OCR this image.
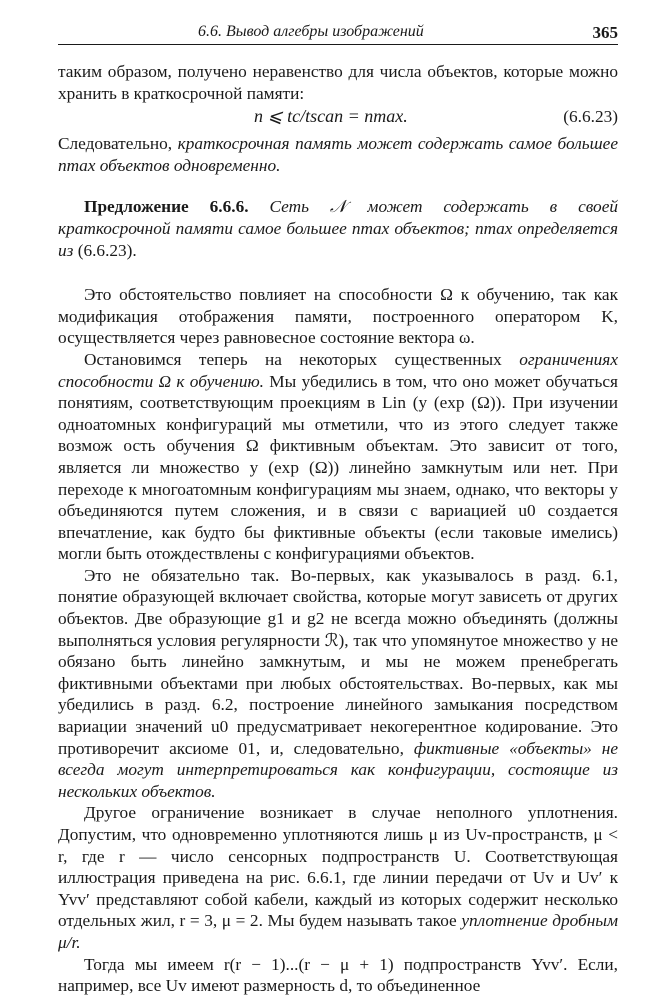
6.6. Вывод алгебры изображений	365

таким образом, получено неравенство для числа объектов, которые можно хранить в краткосрочной памяти:

n ⩽ tc/tscan = nmax.	(6.6.23)

Следовательно, краткосрочная память может содержать самое большее nmax объектов одновременно.

Предложение 6.6.6. Сеть 𝒩 может содержать в своей краткосрочной памяти самое большее nmax объектов; nmax определяется из (6.6.23).

Это обстоятельство повлияет на способности Ω к обучению, так как модификация отображения памяти, построенного оператором K, осуществляется через равновесное состояние вектора ω.

Остановимся теперь на некоторых существенных ограничениях способности Ω к обучению. Мы убедились в том, что оно может обучаться понятиям, соответствующим проекциям в Lin (y (exp (Ω)). При изучении одноатомных конфигураций мы отметили, что из этого следует также возмож ость обучения Ω фиктивным объектам. Это зависит от того, является ли множество y (exp (Ω)) линейно замкнутым или нет. При переходе к многоатомным конфигурациям мы знаем, однако, что векторы y объединяются путем сложения, и в связи с вариацией u0 создается впечатление, как будто бы фиктивные объекты (если таковые имелись) могли быть отождествлены с конфигурациями объектов.

Это не обязательно так. Во-первых, как указывалось в разд. 6.1, понятие образующей включает свойства, которые могут зависеть от других объектов. Две образующие g1 и g2 не всегда можно объединять (должны выполняться условия регулярности ℛ), так что упомянутое множество y не обязано быть линейно замкнутым, и мы не можем пренебрегать фиктивными объектами при любых обстоятельствах. Во-первых, как мы убедились в разд. 6.2, построение линейного замыкания посредством вариации значений u0 предусматривает некогерентное кодирование. Это противоречит аксиоме 01, и, следовательно, фиктивные «объекты» не всегда могут интерпретироваться как конфигурации, состоящие из нескольких объектов.

Другое ограничение возникает в случае неполного уплотнения. Допустим, что одновременно уплотняются лишь μ из Uv-пространств, μ < r, где r — число сенсорных подпространств U. Соответствующая иллюстрация приведена на рис. 6.6.1, где линии передачи от Uv и Uv′ к Yvv′ представляют собой кабели, каждый из которых содержит несколько отдельных жил, r = 3, μ = 2. Мы будем называть такое уплотнение дробным μ/r.

Тогда мы имеем r(r − 1)...(r − μ + 1) подпространств Yvv′. Если, например, все Uv имеют размерность d, то объединенное
